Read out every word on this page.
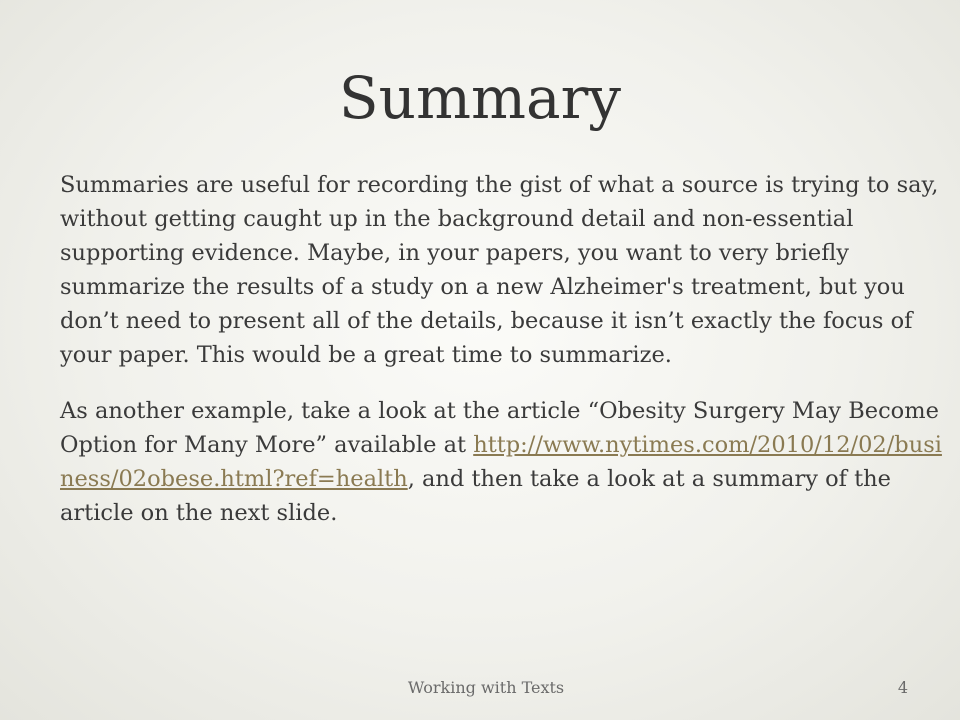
Summary

Summaries are useful for recording the gist of what a source is trying to say, without getting caught up in the background detail and non-essential supporting evidence. Maybe, in your papers, you want to very briefly summarize the results of a study on a new Alzheimer's treatment, but you don’t need to present all of the details, because it isn’t exactly the focus of your paper. This would be a great time to summarize.

As another example, take a look at the article “Obesity Surgery May Become Option for Many More” available at http://www.nytimes.com/2010/12/02/business/02obese.html?ref=health, and then take a look at a summary of the article on the next slide.

Working with Texts	4
